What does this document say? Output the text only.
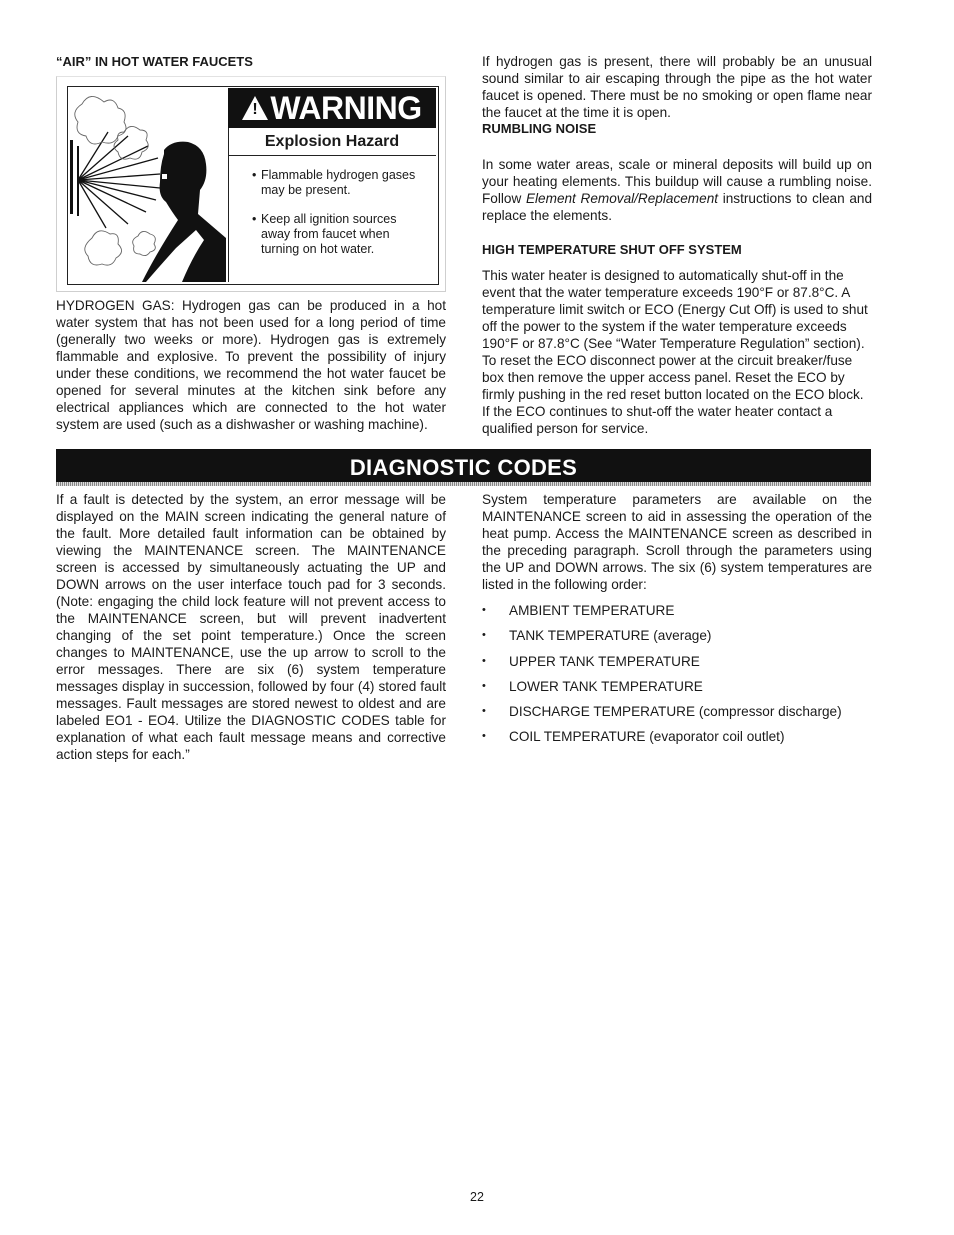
“AIR” IN HOT WATER FAUCETS

! WARNING
Explosion Hazard
• Flammable hydrogen gases may be present.
• Keep all ignition sources away from faucet when turning on hot water.

HYDROGEN GAS: Hydrogen gas can be produced in a hot water system that has not been used for a long period of time (generally two weeks or more). Hydrogen gas is extremely flammable and explosive. To prevent the possibility of injury under these conditions, we recommend the hot water faucet be opened for several minutes at the kitchen sink before any electrical appliances which are connected to the hot water system are used (such as a dishwasher or washing machine).

If hydrogen gas is present, there will probably be an unusual sound similar to air escaping through the pipe as the hot water faucet is opened. There must be no smoking or open flame near the faucet at the time it is open.

RUMBLING NOISE

In some water areas, scale or mineral deposits will build up on your heating elements. This buildup will cause a rumbling noise. Follow Element Removal/Replacement instructions to clean and replace the elements.

HIGH TEMPERATURE SHUT OFF SYSTEM

This water heater is designed to automatically shut-off in the event that the water temperature exceeds 190°F or 87.8°C. A temperature limit switch or ECO (Energy Cut Off) is used to shut off the power to the system if the water temperature exceeds 190°F or 87.8°C (See “Water Temperature Regulation” section). To reset the ECO disconnect power at the circuit breaker/fuse box then remove the upper access panel. Reset the ECO by firmly pushing in the red reset button located on the ECO block. If the ECO continues to shut-off the water heater contact a qualified person for service.

DIAGNOSTIC CODES

If a fault is detected by the system, an error message will be displayed on the MAIN screen indicating the general nature of the fault. More detailed fault information can be obtained by viewing the MAINTENANCE screen. The MAINTENANCE screen is accessed by simultaneously actuating the UP and DOWN arrows on the user interface touch pad for 3 seconds. (Note: engaging the child lock feature will not prevent access to the MAINTENANCE screen, but will prevent inadvertent changing of the set point temperature.) Once the screen changes to MAINTENANCE, use the up arrow to scroll to the error messages. There are six (6) system temperature messages display in succession, followed by four (4) stored fault messages. Fault messages are stored newest to oldest and are labeled EO1 - EO4. Utilize the DIAGNOSTIC CODES table for explanation of what each fault message means and corrective action steps for each.”

System temperature parameters are available on the MAINTENANCE screen to aid in assessing the operation of the heat pump. Access the MAINTENANCE screen as described in the preceding paragraph. Scroll through the parameters using the UP and DOWN arrows. The six (6) system temperatures are listed in the following order:

• AMBIENT TEMPERATURE
• TANK TEMPERATURE (average)
• UPPER TANK TEMPERATURE
• LOWER TANK TEMPERATURE
• DISCHARGE TEMPERATURE (compressor discharge)
• COIL TEMPERATURE (evaporator coil outlet)
22
